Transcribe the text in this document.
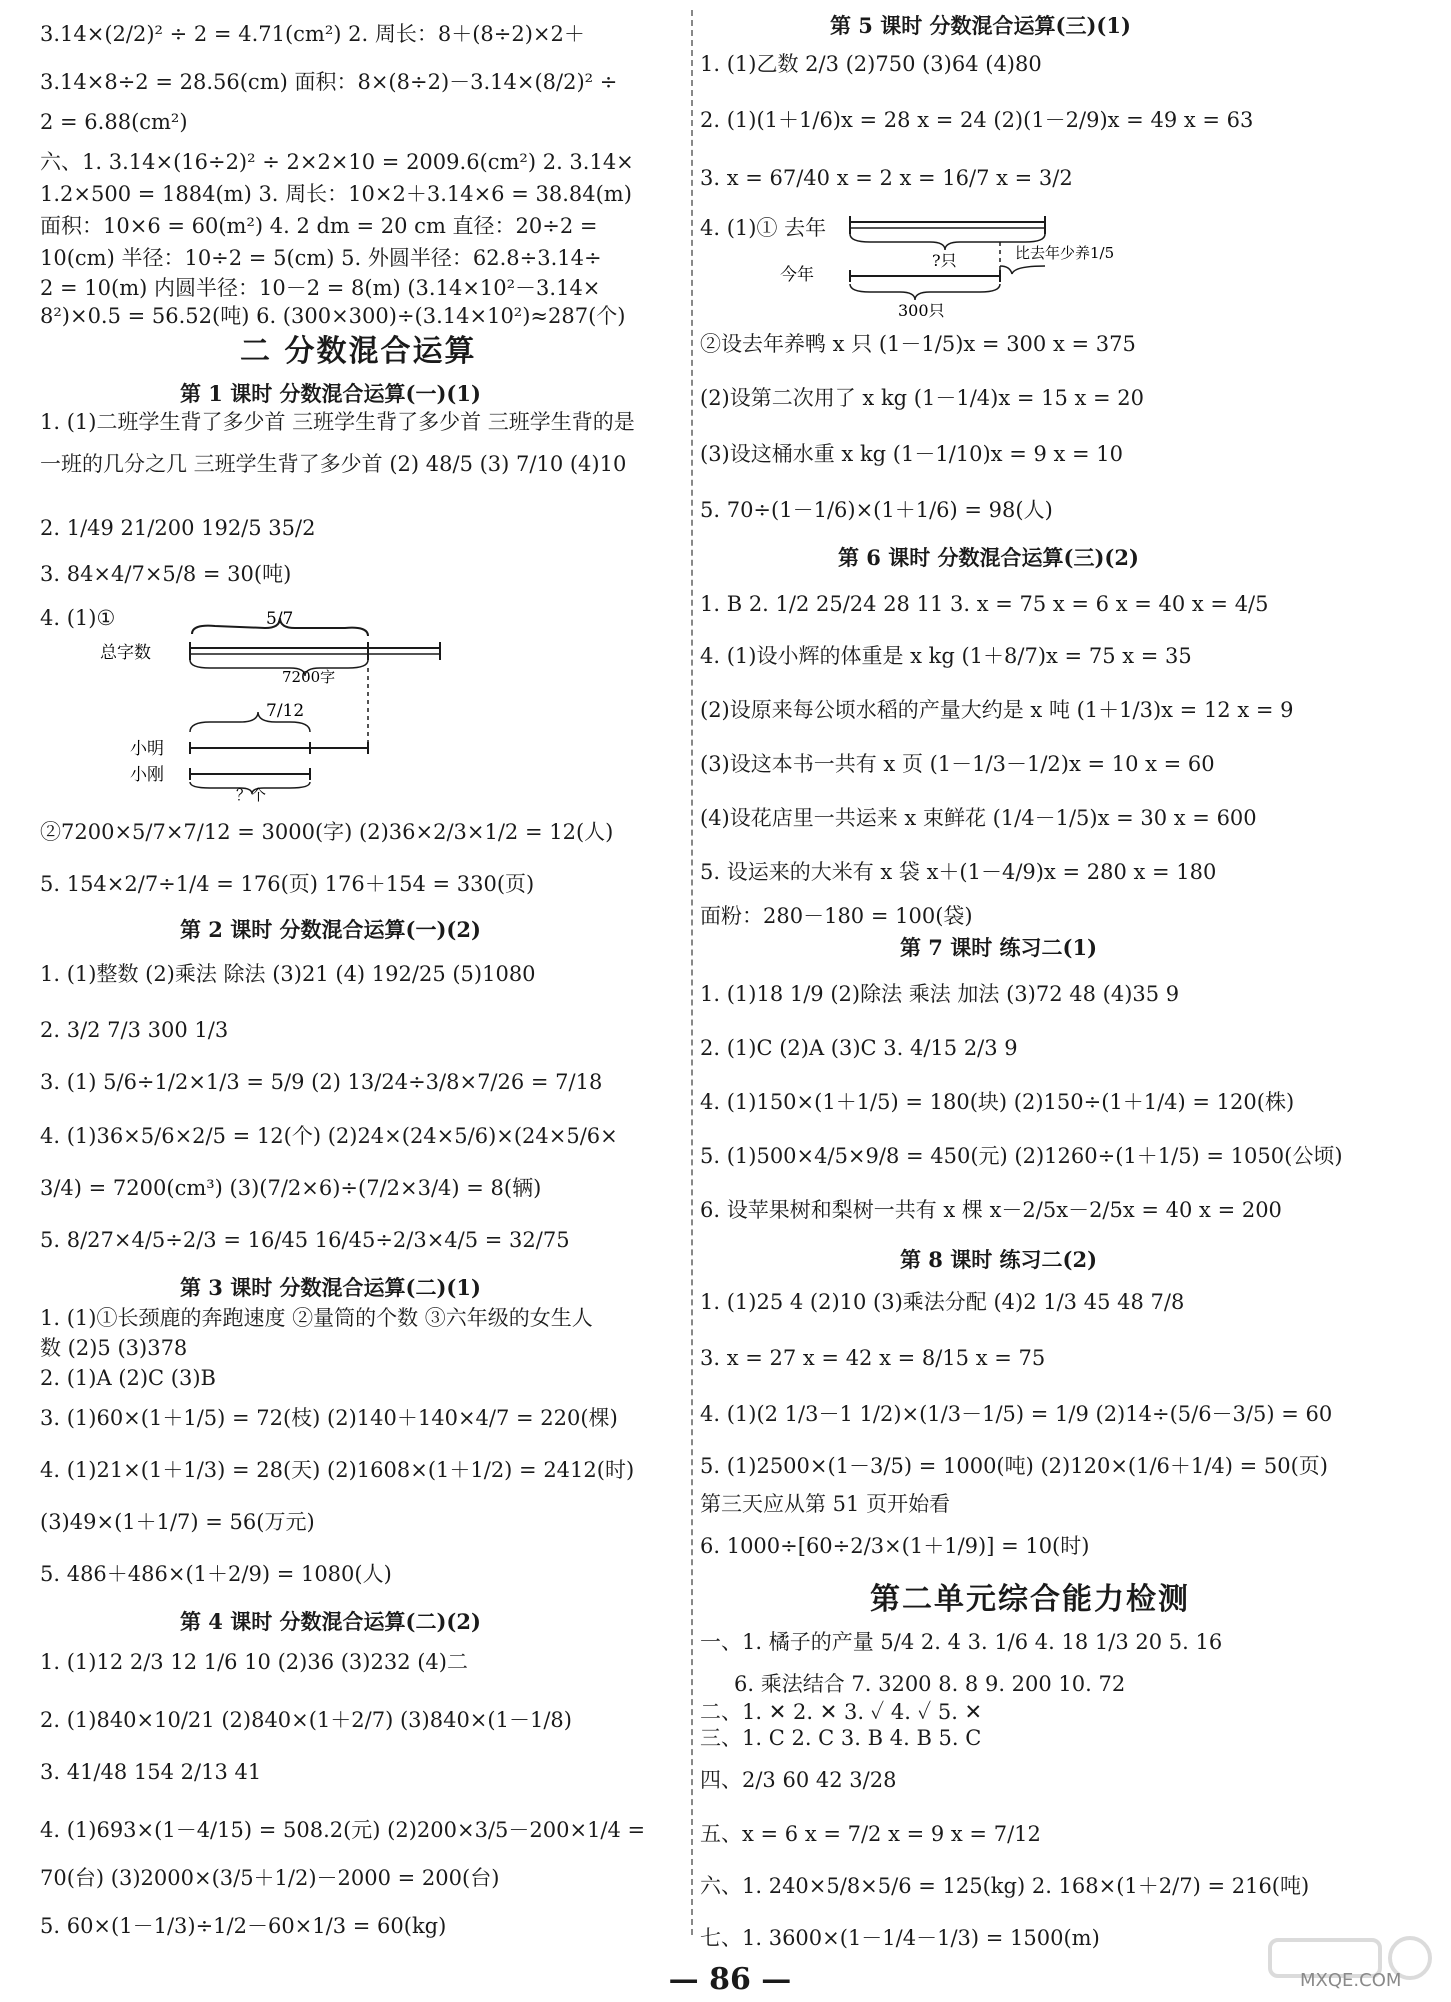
3.14×(2/2)² ÷ 2 = 4.71(cm²) 2. 周长：8＋(8÷2)×2＋
3.14×8÷2 = 28.56(cm) 面积：8×(8÷2)－3.14×(8/2)² ÷
2 = 6.88(cm²)
六、1. 3.14×(16÷2)² ÷ 2×2×10 = 2009.6(cm²) 2. 3.14×
1.2×500 = 1884(m) 3. 周长：10×2＋3.14×6 = 38.84(m)
面积：10×6 = 60(m²) 4. 2 dm = 20 cm 直径：20÷2 =
10(cm) 半径：10÷2 = 5(cm) 5. 外圆半径：62.8÷3.14÷
2 = 10(m) 内圆半径：10－2 = 8(m) (3.14×10²－3.14×
8²)×0.5 = 56.52(吨) 6. (300×300)÷(3.14×10²)≈287(个)
二 分数混合运算
第 1 课时 分数混合运算(一)(1)
1. (1)二班学生背了多少首 三班学生背了多少首 三班学生背的是
一班的几分之几 三班学生背了多少首 (2) 48/5 (3) 7/10 (4)10
2. 1/49 21/200 192/5 35/2
3. 84×4/7×5/8 = 30(吨)
4. (1)①	5/7
总字数
7200字
7/12
小明
小刚
？个
②7200×5/7×7/12 = 3000(字) (2)36×2/3×1/2 = 12(人)
5. 154×2/7÷1/4 = 176(页) 176＋154 = 330(页)
第 2 课时 分数混合运算(一)(2)
1. (1)整数 (2)乘法 除法 (3)21 (4) 192/25 (5)1080
2. 3/2 7/3 300 1/3
3. (1) 5/6÷1/2×1/3 = 5/9 (2) 13/24÷3/8×7/26 = 7/18
4. (1)36×5/6×2/5 = 12(个) (2)24×(24×5/6)×(24×5/6×
3/4) = 7200(cm³) (3)(7/2×6)÷(7/2×3/4) = 8(辆)
5. 8/27×4/5÷2/3 = 16/45 16/45÷2/3×4/5 = 32/75
第 3 课时 分数混合运算(二)(1)
1. (1)①长颈鹿的奔跑速度 ②量筒的个数 ③六年级的女生人
数 (2)5 (3)378
2. (1)A (2)C (3)B
3. (1)60×(1＋1/5) = 72(枝) (2)140＋140×4/7 = 220(棵)
4. (1)21×(1＋1/3) = 28(天) (2)1608×(1＋1/2) = 2412(时)
(3)49×(1＋1/7) = 56(万元)
5. 486＋486×(1＋2/9) = 1080(人)
第 4 课时 分数混合运算(二)(2)
1. (1)12 2/3 12 1/6 10 (2)36 (3)232 (4)二
2. (1)840×10/21 (2)840×(1＋2/7) (3)840×(1－1/8)
3. 41/48 154 2/13 41
4. (1)693×(1－4/15) = 508.2(元) (2)200×3/5－200×1/4 =
70(台) (3)2000×(3/5＋1/2)－2000 = 200(台)
5. 60×(1－1/3)÷1/2－60×1/3 = 60(kg)
第 5 课时 分数混合运算(三)(1)
1. (1)乙数 2/3 (2)750 (3)64 (4)80
2. (1)(1＋1/6)x = 28 x = 24 (2)(1－2/9)x = 49 x = 63
3. x = 67/40 x = 2 x = 16/7 x = 3/2
4. (1)① 去年
?只	比去年少养1/5
今年
300只
②设去年养鸭 x 只 (1－1/5)x = 300 x = 375
(2)设第二次用了 x kg (1－1/4)x = 15 x = 20
(3)设这桶水重 x kg (1－1/10)x = 9 x = 10
5. 70÷(1－1/6)×(1＋1/6) = 98(人)
第 6 课时 分数混合运算(三)(2)
1. B 2. 1/2 25/24 28 11 3. x = 75 x = 6 x = 40 x = 4/5
4. (1)设小辉的体重是 x kg (1＋8/7)x = 75 x = 35
(2)设原来每公顷水稻的产量大约是 x 吨 (1＋1/3)x = 12 x = 9
(3)设这本书一共有 x 页 (1－1/3－1/2)x = 10 x = 60
(4)设花店里一共运来 x 束鲜花 (1/4－1/5)x = 30 x = 600
5. 设运来的大米有 x 袋 x＋(1－4/9)x = 280 x = 180
面粉：280－180 = 100(袋)
第 7 课时 练习二(1)
1. (1)18 1/9 (2)除法 乘法 加法 (3)72 48 (4)35 9
2. (1)C (2)A (3)C 3. 4/15 2/3 9
4. (1)150×(1＋1/5) = 180(块) (2)150÷(1＋1/4) = 120(株)
5. (1)500×4/5×9/8 = 450(元) (2)1260÷(1＋1/5) = 1050(公顷)
6. 设苹果树和梨树一共有 x 棵 x－2/5x－2/5x = 40 x = 200
第 8 课时 练习二(2)
1. (1)25 4 (2)10 (3)乘法分配 (4)2 1/3 45 48 7/8
3. x = 27 x = 42 x = 8/15 x = 75
4. (1)(2 1/3－1 1/2)×(1/3－1/5) = 1/9 (2)14÷(5/6－3/5) = 60
5. (1)2500×(1－3/5) = 1000(吨) (2)120×(1/6＋1/4) = 50(页)
第三天应从第 51 页开始看
6. 1000÷[60÷2/3×(1＋1/9)] = 10(时)
第二单元综合能力检测
一、1. 橘子的产量 5/4 2. 4 3. 1/6 4. 18 1/3 20 5. 16
6. 乘法结合 7. 3200 8. 8 9. 200 10. 72
二、1. ✕ 2. ✕ 3. ✓ 4. ✓ 5. ✕
三、1. C 2. C 3. B 4. B 5. C
四、2/3 60 42 3/28
五、x = 6 x = 7/2 x = 9 x = 7/12
六、1. 240×5/8×5/6 = 125(kg) 2. 168×(1＋2/7) = 216(吨)
七、1. 3600×(1－1/4－1/3) = 1500(m)
— 86 —	MXQE.COM
